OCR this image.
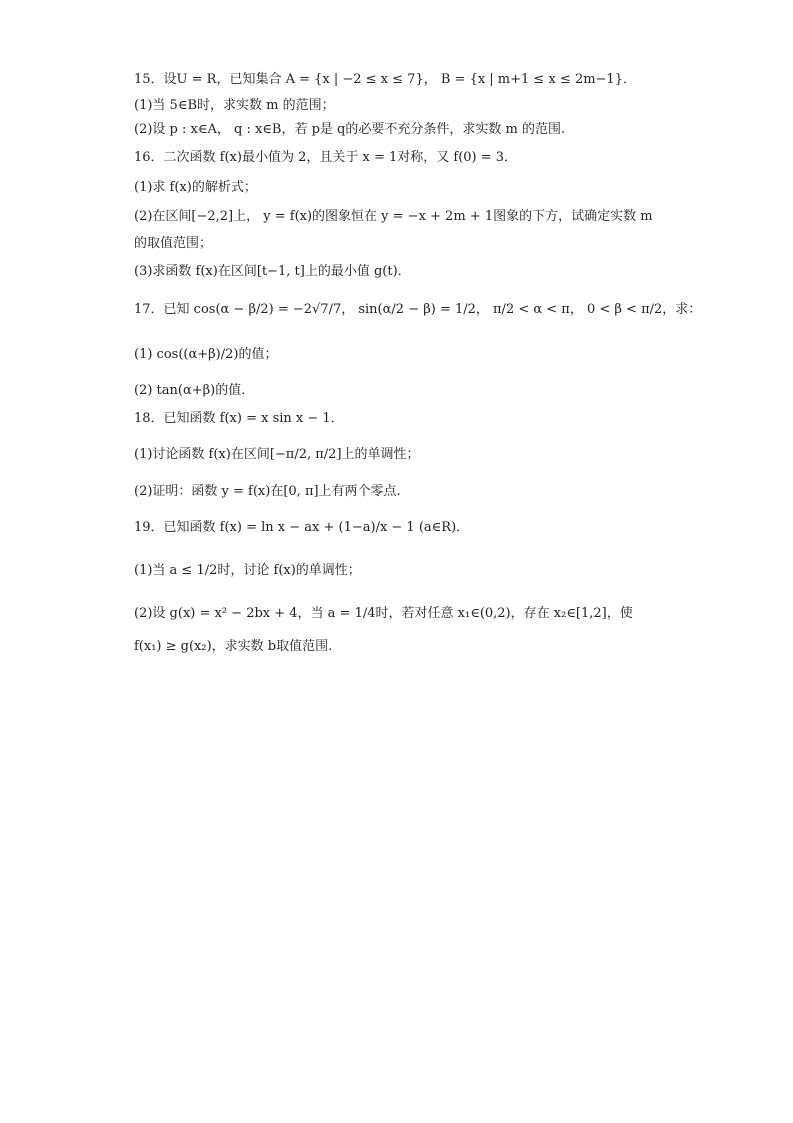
15．设U = R，已知集合 A = {x | −2 ≤ x ≤ 7}， B = {x | m+1 ≤ x ≤ 2m−1}．
(1)当 5∈B时，求实数 m 的范围；
(2)设 p : x∈A， q : x∈B，若 p是 q的必要不充分条件，求实数 m 的范围.
16．二次函数 f(x)最小值为 2，且关于 x = 1对称，又 f(0) = 3．
(1)求 f(x)的解析式；
(2)在区间[−2,2]上， y = f(x)的图象恒在 y = −x + 2m + 1图象的下方，试确定实数 m
的取值范围；
(3)求函数 f(x)在区间[t−1, t]上的最小值 g(t)．
17．已知 cos(α − β/2) = −2√7/7， sin(α/2 − β) = 1/2， π/2 < α < π， 0 < β < π/2，求：
(1) cos((α+β)/2)的值；
(2) tan(α+β)的值．
18．已知函数 f(x) = x sin x − 1．
(1)讨论函数 f(x)在区间[−π/2, π/2]上的单调性；
(2)证明：函数 y = f(x)在[0, π]上有两个零点.
19．已知函数 f(x) = ln x − ax + (1−a)/x − 1 (a∈R)．
(1)当 a ≤ 1/2时，讨论 f(x)的单调性；
(2)设 g(x) = x² − 2bx + 4，当 a = 1/4时，若对任意 x₁∈(0,2)，存在 x₂∈[1,2]，使
f(x₁) ≥ g(x₂)，求实数 b取值范围.
